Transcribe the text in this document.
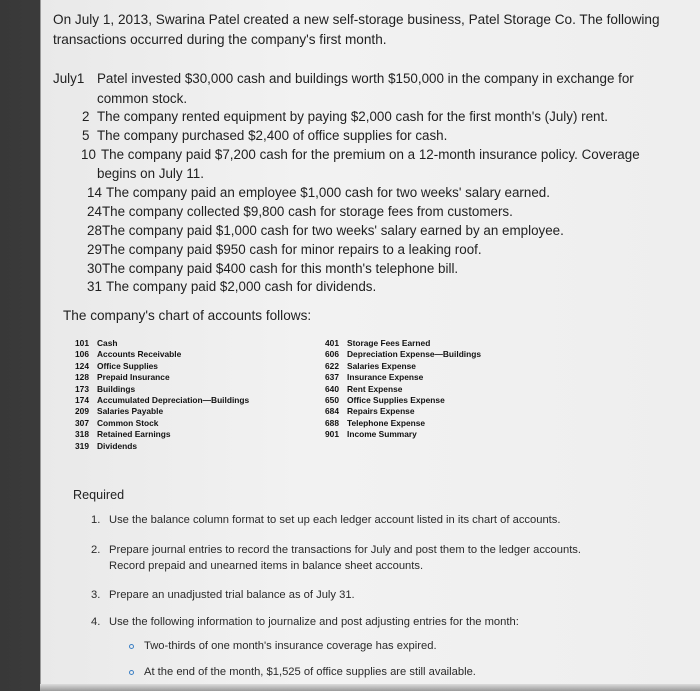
On July 1, 2013, Swarina Patel created a new self-storage business, Patel Storage Co. The following transactions occurred during the company's first month.

July1 Patel invested $30,000 cash and buildings worth $150,000 in the company in exchange for
common stock.
2 The company rented equipment by paying $2,000 cash for the first month's (July) rent.
5 The company purchased $2,400 of office supplies for cash.
10 The company paid $7,200 cash for the premium on a 12-month insurance policy. Coverage
begins on July 11.
14 The company paid an employee $1,000 cash for two weeks' salary earned.
24 The company collected $9,800 cash for storage fees from customers.
28 The company paid $1,000 cash for two weeks' salary earned by an employee.
29 The company paid $950 cash for minor repairs to a leaking roof.
30 The company paid $400 cash for this month's telephone bill.
31 The company paid $2,000 cash for dividends.

The company's chart of accounts follows:

101 Cash
106 Accounts Receivable
124 Office Supplies
128 Prepaid Insurance
173 Buildings
174 Accumulated Depreciation—Buildings
209 Salaries Payable
307 Common Stock
318 Retained Earnings
319 Dividends
401 Storage Fees Earned
606 Depreciation Expense—Buildings
622 Salaries Expense
637 Insurance Expense
640 Rent Expense
650 Office Supplies Expense
684 Repairs Expense
688 Telephone Expense
901 Income Summary

Required

1. Use the balance column format to set up each ledger account listed in its chart of accounts.
2. Prepare journal entries to record the transactions for July and post them to the ledger accounts.
Record prepaid and unearned items in balance sheet accounts.
3. Prepare an unadjusted trial balance as of July 31.
4. Use the following information to journalize and post adjusting entries for the month:
Two-thirds of one month's insurance coverage has expired.
At the end of the month, $1,525 of office supplies are still available.
